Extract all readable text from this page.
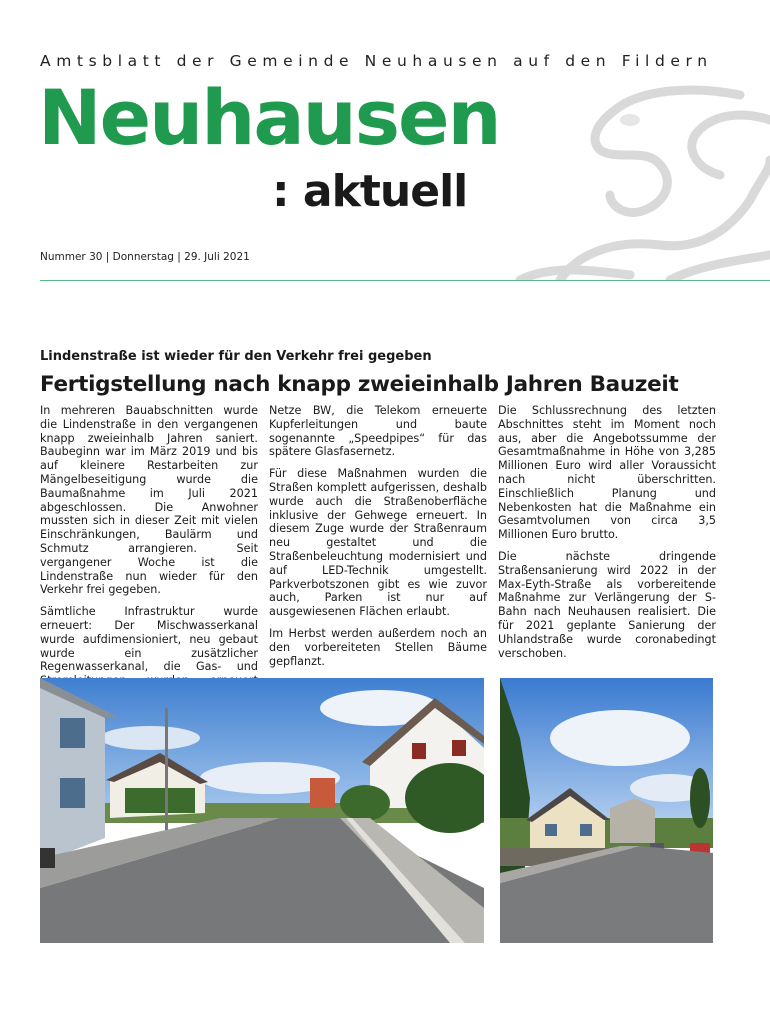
Amtsblatt der Gemeinde Neuhausen auf den Fildern
Neuhausen
: aktuell
Nummer 30 | Donnerstag | 29. Juli 2021
Lindenstraße ist wieder für den Verkehr frei gegeben
Fertigstellung nach knapp zweieinhalb Jahren Bauzeit

In mehreren Bauabschnitten wurde die Lindenstraße in den vergangenen knapp zweieinhalb Jahren saniert. Baubeginn war im März 2019 und bis auf kleinere Restarbeiten zur Mängelbeseitigung wurde die Baumaßnahme im Juli 2021 abgeschlossen. Die Anwohner mussten sich in dieser Zeit mit vielen Einschränkungen, Baulärm und Schmutz arrangieren. Seit vergangener Woche ist die Lindenstraße nun wieder für den Verkehr frei gegeben.

Sämtliche Infrastruktur wurde erneuert: Der Mischwasserkanal wurde aufdimensioniert, neu gebaut wurde ein zusätzlicher Regenwasserkanal, die Gas- und

Netze BW, die Telekom erneuerte Kupferleitungen und baute sogenannte „Speedpipes“ für das spätere Glasfasernetz.

Für diese Maßnahmen wurden die Straßen komplett aufgerissen, deshalb wurde auch die Straßenoberfläche inklusive der Gehwege erneuert. In diesem Zuge wurde der Straßenraum neu gestaltet und die Straßenbeleuchtung modernisiert und auf LED-Technik umgestellt. Parkverbotszonen gibt es wie zuvor auch, Parken ist nur auf ausgewiesenen Flächen erlaubt.

Im Herbst werden außerdem noch an den vorbereiteten Stellen Bäume gepflanzt.

Die Schlussrechnung des letzten Abschnittes steht im Moment noch aus, aber die Angebotssumme der Gesamtmaßnahme in Höhe von 3,285 Millionen Euro wird aller Voraussicht nach nicht überschritten. Einschließlich Planung und Nebenkosten hat die Maßnahme ein Gesamtvolumen von circa 3,5 Millionen Euro brutto.

Die nächste dringende Straßensanierung wird 2022 in der Max-Eyth-Straße als vorbereitende Maßnahme zur Verlängerung der S-Bahn nach Neuhausen realisiert. Die für 2021 geplante Sanierung der Uhlandstraße wurde coronabedingt verschoben.
